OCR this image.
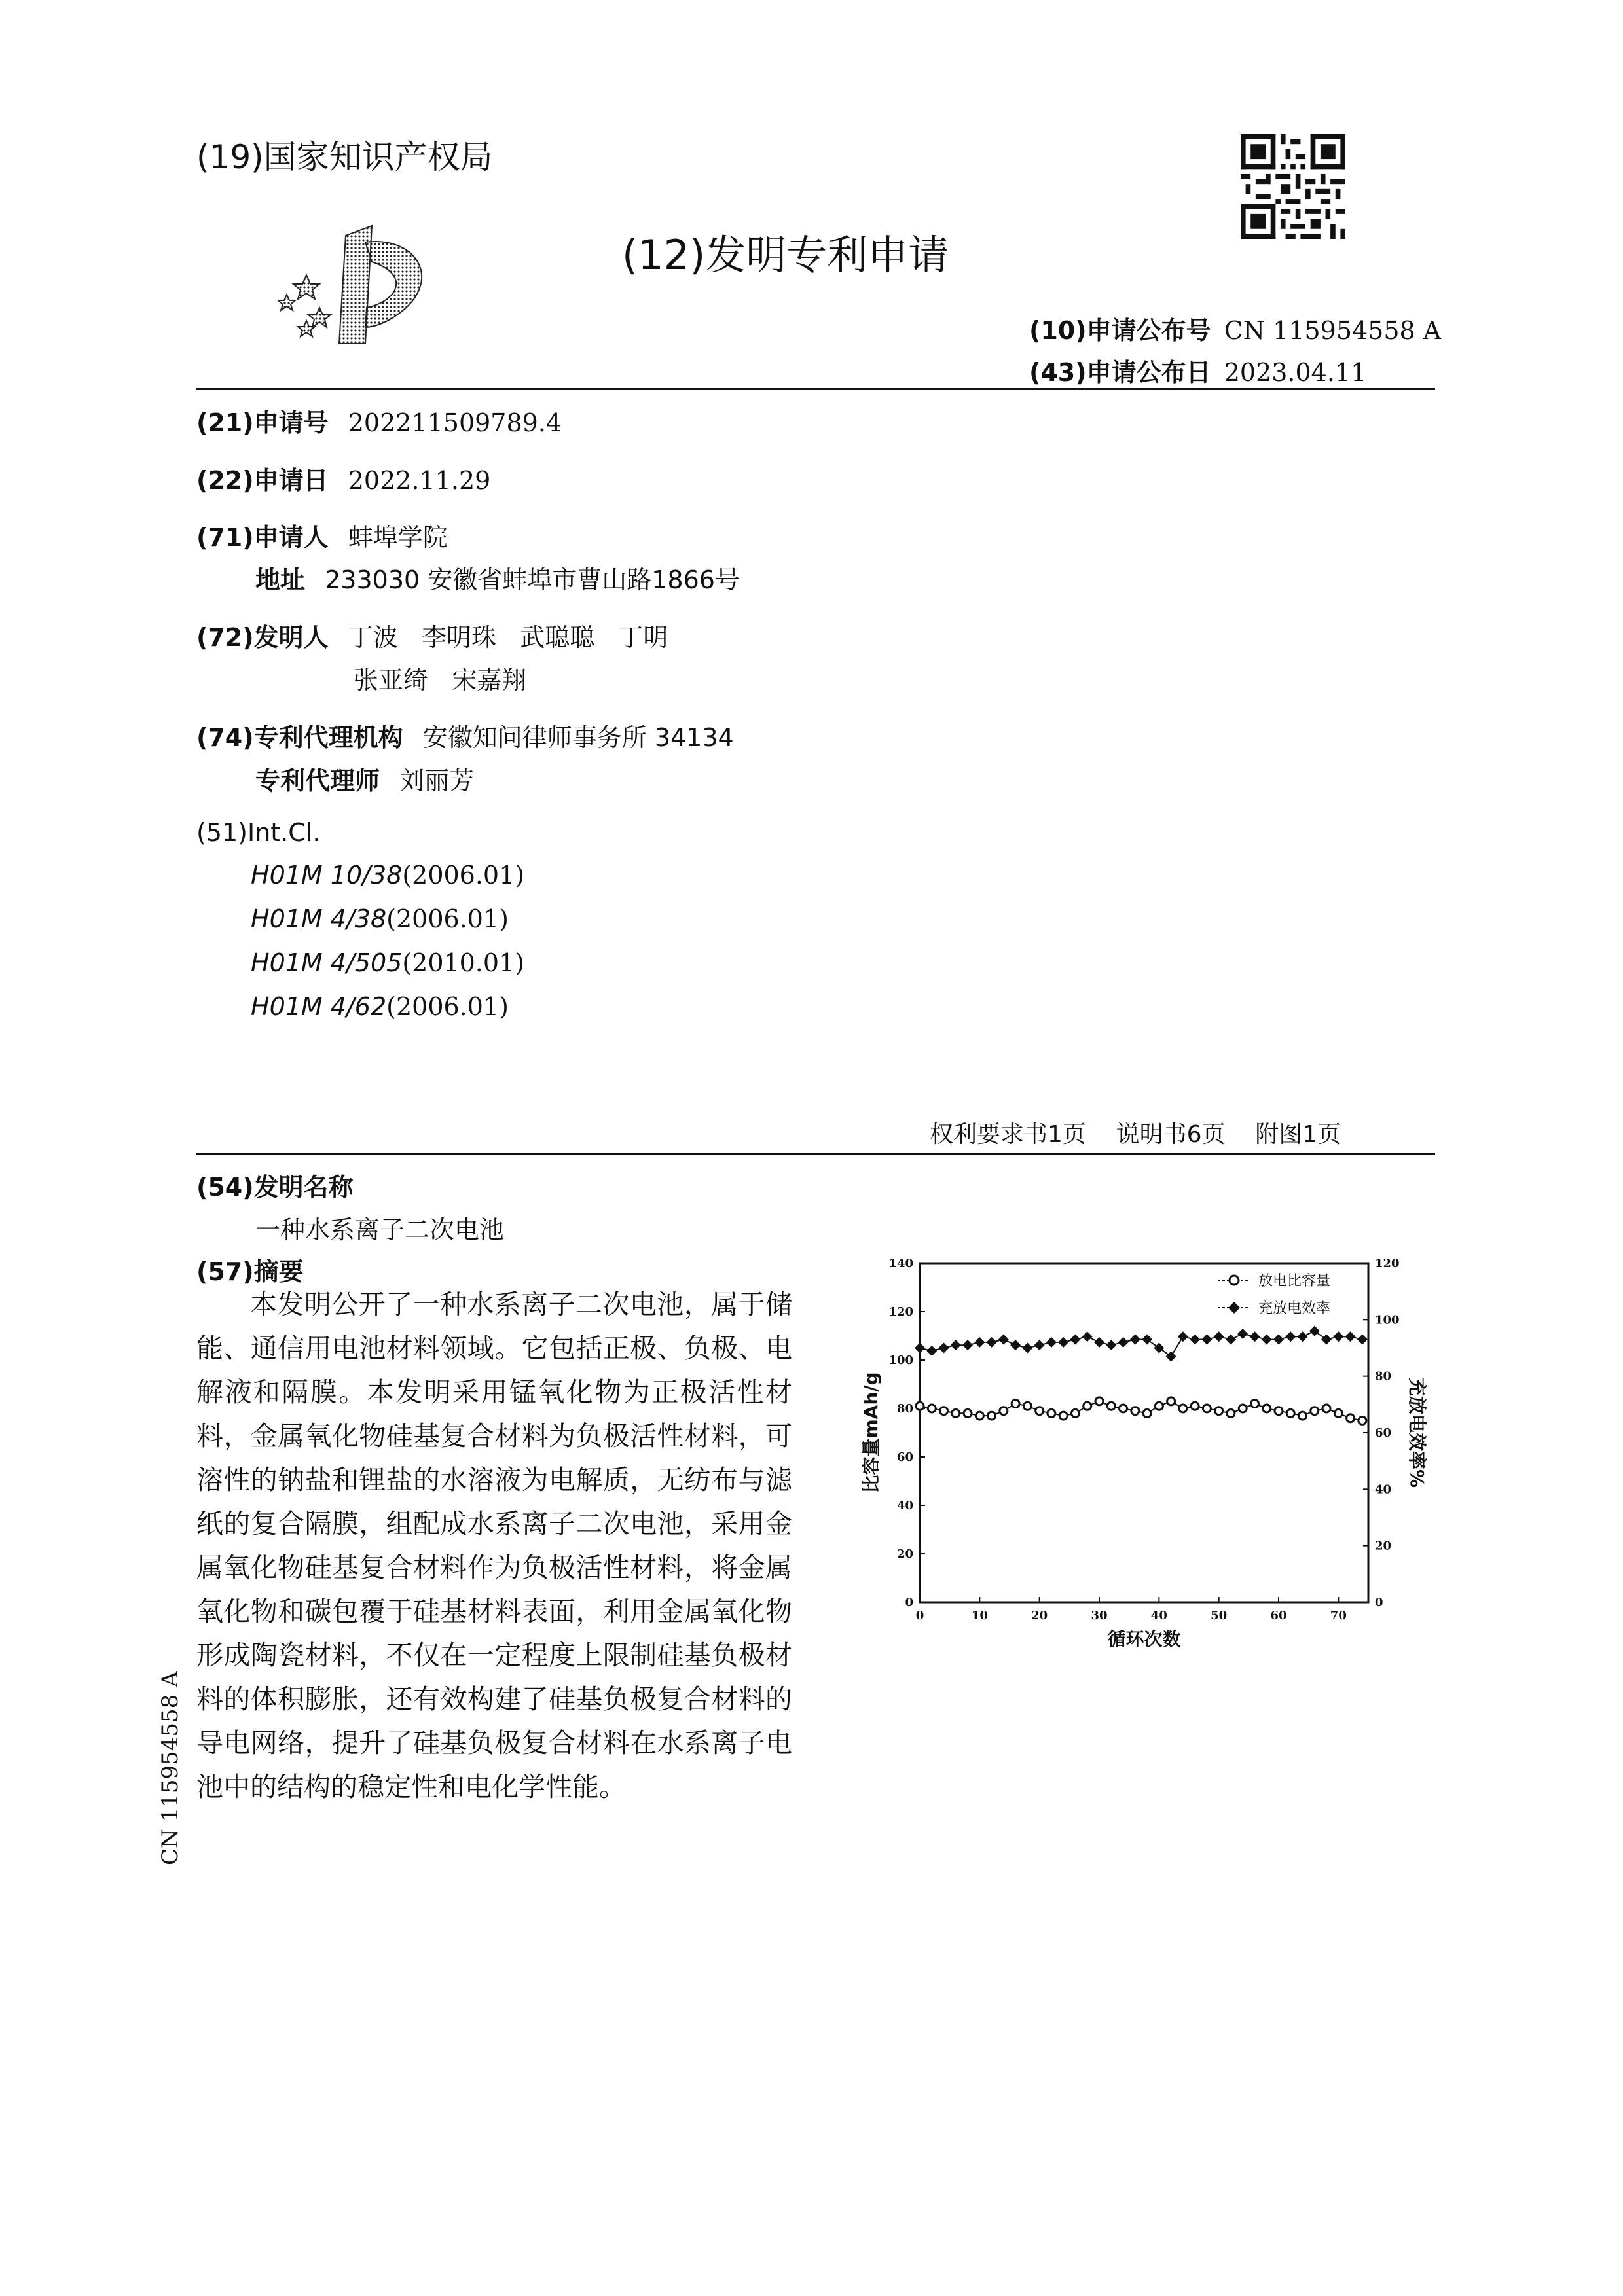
(19)国家知识产权局
(12)发明专利申请
(10)申请公布号 CN 115954558 A
(43)申请公布日 2023.04.11
(21)申请号 202211509789.4
(22)申请日 2022.11.29
(71)申请人 蚌埠学院
地址 233030 安徽省蚌埠市曹山路1866号
(72)发明人 丁波   李明珠   武聪聪   丁明
张亚绮   宋嘉翔
(74)专利代理机构 安徽知问律师事务所 34134
专利代理师 刘丽芳
(51)Int.Cl.
H01M 10/38(2006.01)
H01M 4/38(2006.01)
H01M 4/505(2010.01)
H01M 4/62(2006.01)
权利要求书1页    说明书6页    附图1页
(54)发明名称
一种水系离子二次电池
(57)摘要
本发明公开了一种水系离子二次电池，属于储能、通信用电池材料领域。它包括正极、负极、电解液和隔膜。本发明采用锰氧化物为正极活性材料，金属氧化物硅基复合材料为负极活性材料，可溶性的钠盐和锂盐的水溶液为电解质，无纺布与滤纸的复合隔膜，组配成水系离子二次电池，采用金属氧化物硅基复合材料作为负极活性材料，将金属氧化物和碳包覆于硅基材料表面，利用金属氧化物形成陶瓷材料，不仅在一定程度上限制硅基负极材料的体积膨胀，还有效构建了硅基负极复合材料的导电网络，提升了硅基负极复合材料在水系离子电池中的结构的稳定性和电化学性能。
CN 115954558 A
0	10	20	30	40	50	60	70
0
20
40
60
80
100
120
140
0
20
40
60
80
100
120
循环次数
比容量mAh/g	充放电效率%
放电比容量
充放电效率
